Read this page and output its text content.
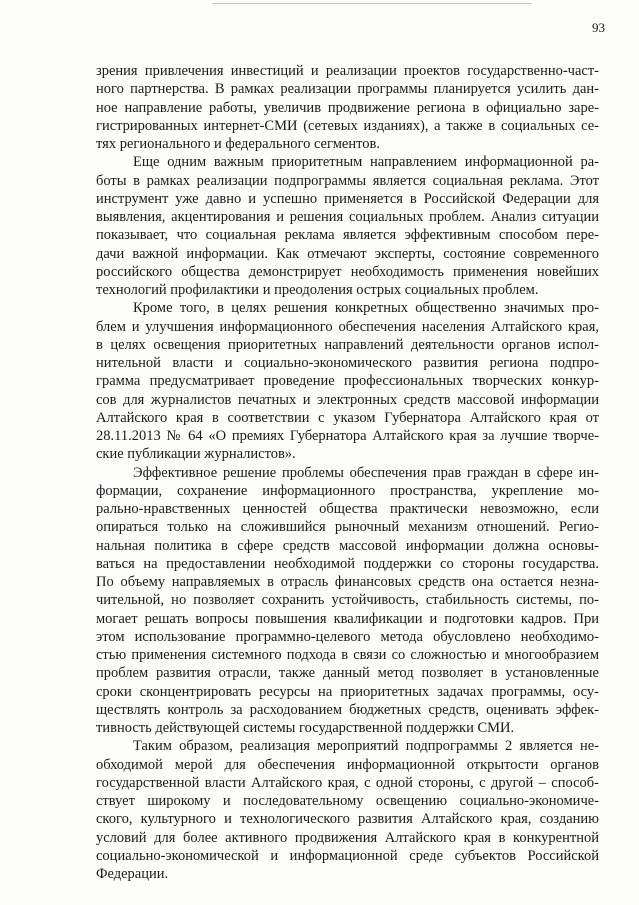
93

зрения привлечения инвестиций и реализации проектов государственно-част-
ного партнерства. В рамках реализации программы планируется усилить дан-
ное направление работы, увеличив продвижение региона в официально заре-
гистрированных интернет-СМИ (сетевых изданиях), а также в социальных се-
тях регионального и федерального сегментов.

Еще одним важным приоритетным направлением информационной ра-
боты в рамках реализации подпрограммы является социальная реклама. Этот
инструмент уже давно и успешно применяется в Российской Федерации для
выявления, акцентирования и решения социальных проблем. Анализ ситуации
показывает, что социальная реклама является эффективным способом пере-
дачи важной информации. Как отмечают эксперты, состояние современного
российского общества демонстрирует необходимость применения новейших
технологий профилактики и преодоления острых социальных проблем.

Кроме того, в целях решения конкретных общественно значимых про-
блем и улучшения информационного обеспечения населения Алтайского края,
в целях освещения приоритетных направлений деятельности органов испол-
нительной власти и социально-экономического развития региона подпро-
грамма предусматривает проведение профессиональных творческих конкур-
сов для журналистов печатных и электронных средств массовой информации
Алтайского края в соответствии с указом Губернатора Алтайского края от
28.11.2013 № 64 «О премиях Губернатора Алтайского края за лучшие творче-
ские публикации журналистов».

Эффективное решение проблемы обеспечения прав граждан в сфере ин-
формации, сохранение информационного пространства, укрепление мо-
рально-нравственных ценностей общества практически невозможно, если
опираться только на сложившийся рыночный механизм отношений. Регио-
нальная политика в сфере средств массовой информации должна основы-
ваться на предоставлении необходимой поддержки со стороны государства.
По объему направляемых в отрасль финансовых средств она остается незна-
чительной, но позволяет сохранить устойчивость, стабильность системы, по-
могает решать вопросы повышения квалификации и подготовки кадров. При
этом использование программно-целевого метода обусловлено необходимо-
стью применения системного подхода в связи со сложностью и многообразием
проблем развития отрасли, также данный метод позволяет в установленные
сроки сконцентрировать ресурсы на приоритетных задачах программы, осу-
ществлять контроль за расходованием бюджетных средств, оценивать эффек-
тивность действующей системы государственной поддержки СМИ.

Таким образом, реализация мероприятий подпрограммы 2 является не-
обходимой мерой для обеспечения информационной открытости органов
государственной власти Алтайского края, с одной стороны, с другой – способ-
ствует широкому и последовательному освещению социально-экономиче-
ского, культурного и технологического развития Алтайского края, созданию
условий для более активного продвижения Алтайского края в конкурентной
социально-экономической и информационной среде субъектов Российской
Федерации.
